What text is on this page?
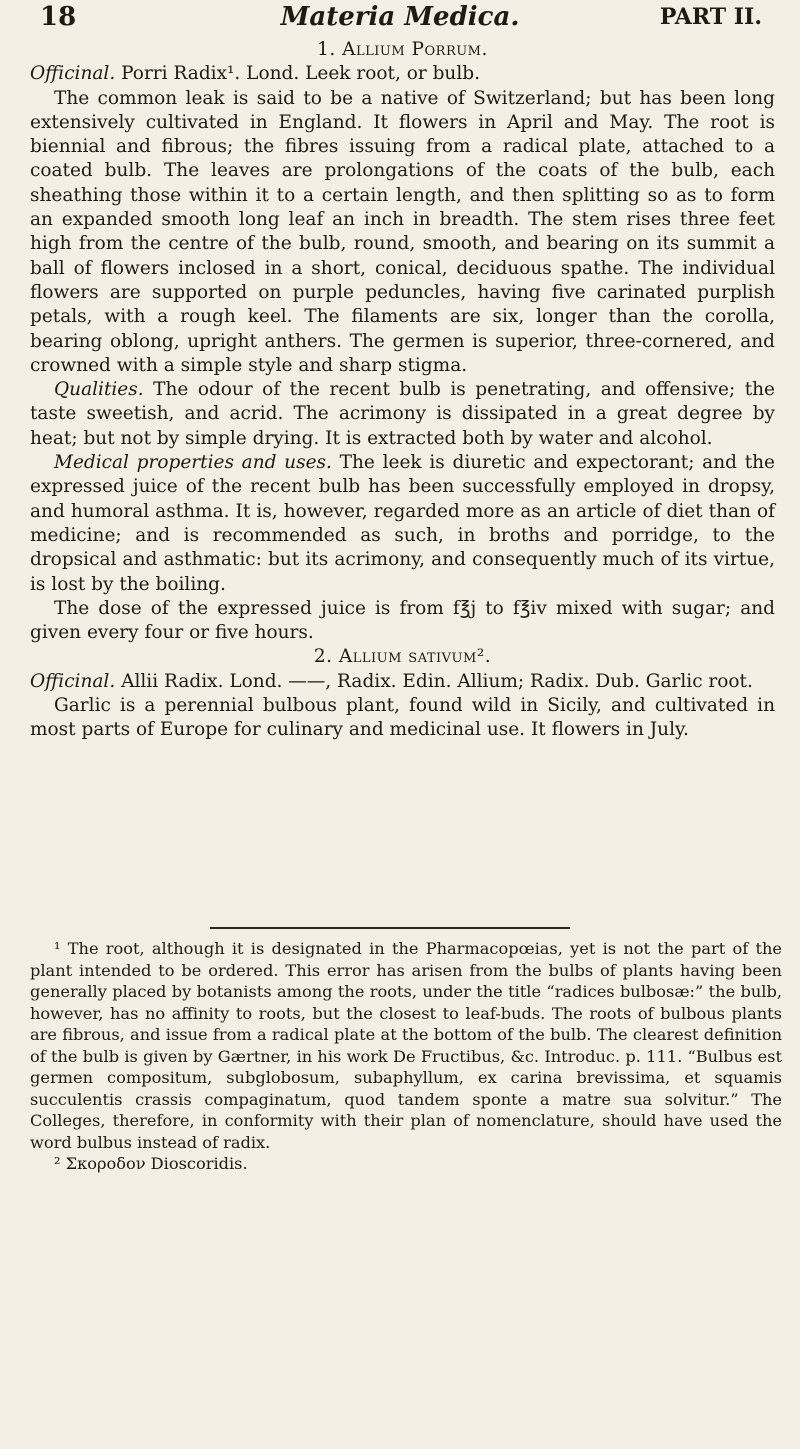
18	Materia Medica.	PART II.

1. Allium Porrum.

Officinal. Porri Radix¹. Lond. Leek root, or bulb.

The common leak is said to be a native of Switzerland; but has been long extensively cultivated in England. It flowers in April and May. The root is biennial and fibrous; the fibres issuing from a radical plate, attached to a coated bulb. The leaves are prolongations of the coats of the bulb, each sheathing those within it to a certain length, and then splitting so as to form an expanded smooth long leaf an inch in breadth. The stem rises three feet high from the centre of the bulb, round, smooth, and bearing on its summit a ball of flowers inclosed in a short, conical, deciduous spathe. The individual flowers are supported on purple peduncles, having five carinated purplish petals, with a rough keel. The filaments are six, longer than the corolla, bearing oblong, upright anthers. The germen is superior, three-cornered, and crowned with a simple style and sharp stigma.

Qualities. The odour of the recent bulb is penetrating, and offensive; the taste sweetish, and acrid. The acrimony is dissipated in a great degree by heat; but not by simple drying. It is extracted both by water and alcohol.

Medical properties and uses. The leek is diuretic and expectorant; and the expressed juice of the recent bulb has been successfully employed in dropsy, and humoral asthma. It is, however, regarded more as an article of diet than of medicine; and is recommended as such, in broths and porridge, to the dropsical and asthmatic: but its acrimony, and consequently much of its virtue, is lost by the boiling.

The dose of the expressed juice is from f℥j to f℥iv mixed with sugar; and given every four or five hours.

2. Allium sativum².

Officinal. Allii Radix. Lond. ——, Radix. Edin. Allium; Radix. Dub. Garlic root.

Garlic is a perennial bulbous plant, found wild in Sicily, and cultivated in most parts of Europe for culinary and medicinal use. It flowers in July.

¹ The root, although it is designated in the Pharmacopœias, yet is not the part of the plant intended to be ordered. This error has arisen from the bulbs of plants having been generally placed by botanists among the roots, under the title “radices bulbosæ:” the bulb, however, has no affinity to roots, but the closest to leaf-buds. The roots of bulbous plants are fibrous, and issue from a radical plate at the bottom of the bulb. The clearest definition of the bulb is given by Gærtner, in his work De Fructibus, &c. Introduc. p. 111. “Bulbus est germen compositum, subglobosum, subaphyllum, ex carina brevissima, et squamis succulentis crassis compaginatum, quod tandem sponte a matre sua solvitur.” The Colleges, therefore, in conformity with their plan of nomenclature, should have used the word bulbus instead of radix.

² Σκοροδον Dioscoridis.
